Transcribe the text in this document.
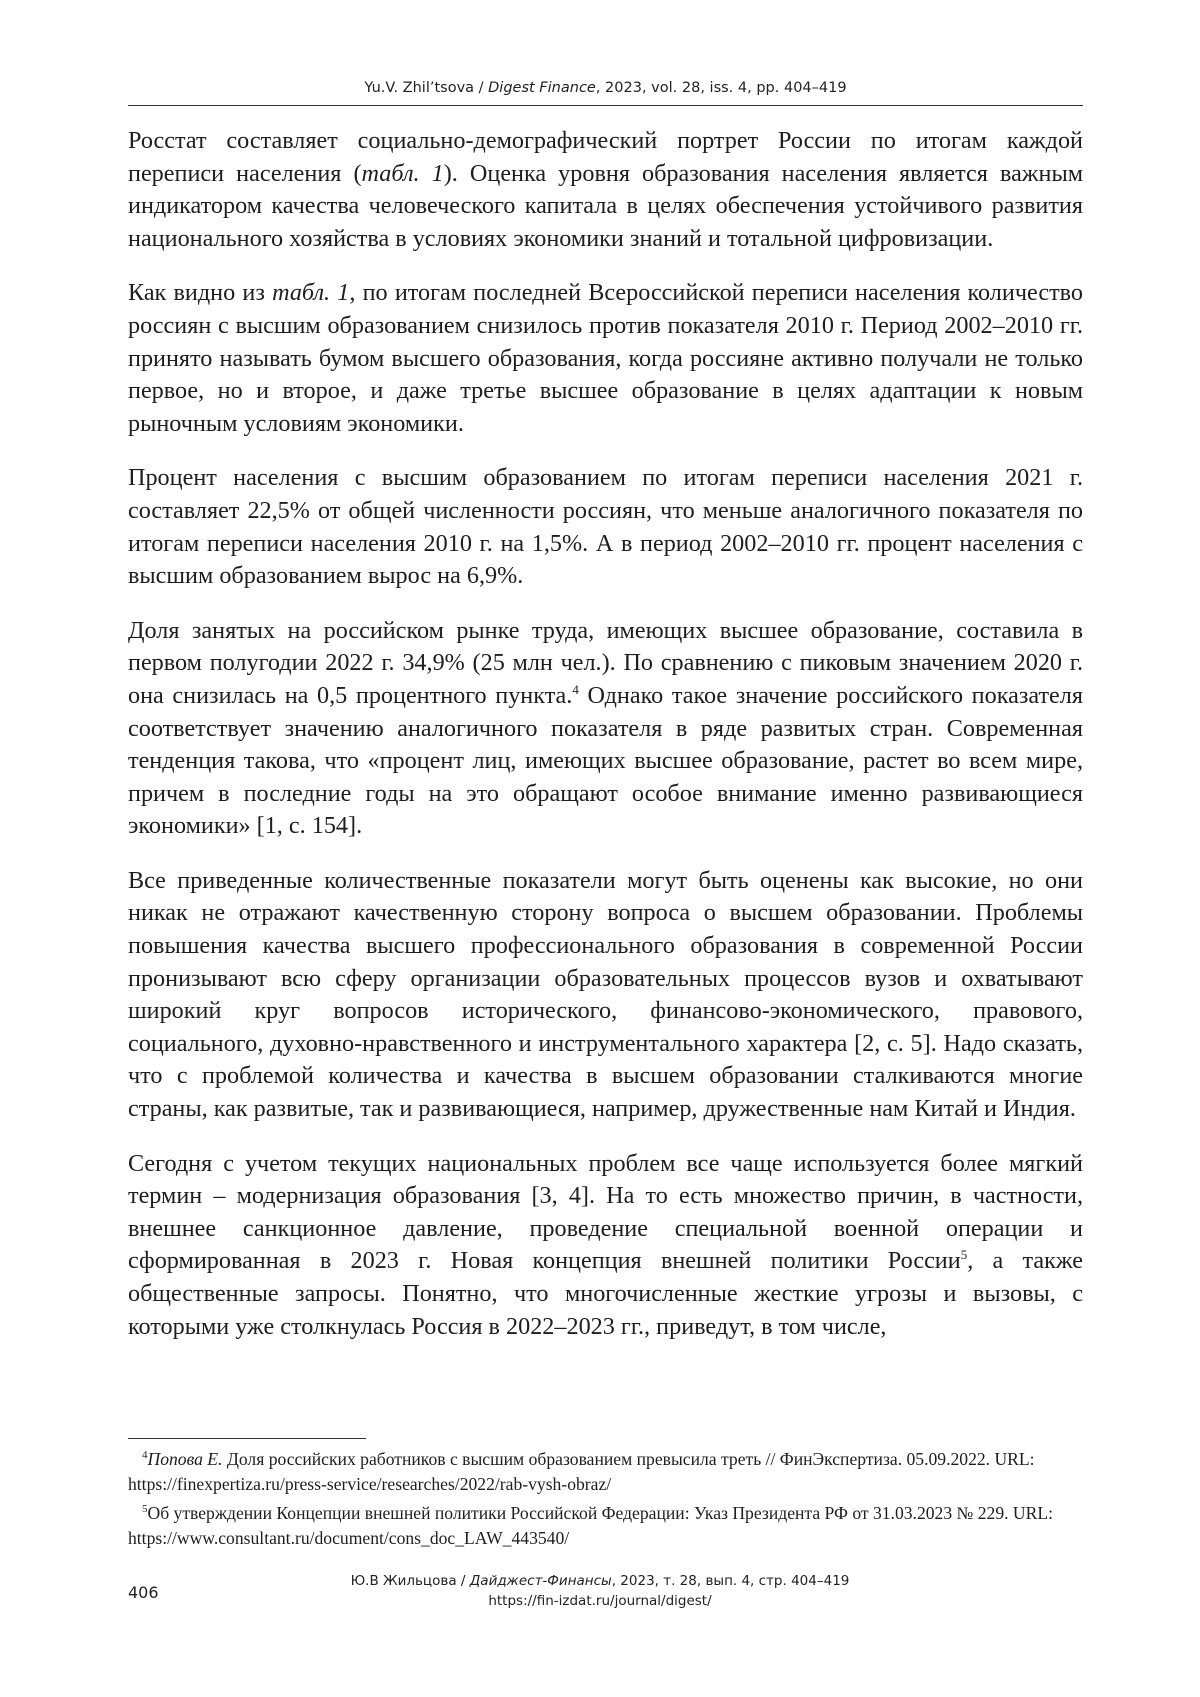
Yu.V. Zhil’tsova / Digest Finance, 2023, vol. 28, iss. 4, pp. 404–419

Росстат составляет социально-демографический портрет России по итогам каждой переписи населения (табл. 1). Оценка уровня образования населения является важным индикатором качества человеческого капитала в целях обеспечения устойчивого развития национального хозяйства в условиях экономики знаний и тотальной цифровизации.

Как видно из табл. 1, по итогам последней Всероссийской переписи населения количество россиян с высшим образованием снизилось против показателя 2010 г. Период 2002–2010 гг. принято называть бумом высшего образования, когда россияне активно получали не только первое, но и второе, и даже третье высшее образование в целях адаптации к новым рыночным условиям экономики.

Процент населения с высшим образованием по итогам переписи населения 2021 г. составляет 22,5% от общей численности россиян, что меньше аналогичного показателя по итогам переписи населения 2010 г. на 1,5%. А в период 2002–2010 гг. процент населения с высшим образованием вырос на 6,9%.

Доля занятых на российском рынке труда, имеющих высшее образование, составила в первом полугодии 2022 г. 34,9% (25 млн чел.). По сравнению с пиковым значением 2020 г. она снизилась на 0,5 процентного пункта.$^4$ Однако такое значение российского показателя соответствует значению аналогичного показателя в ряде развитых стран. Современная тенденция такова, что «процент лиц, имеющих высшее образование, растет во всем мире, причем в последние годы на это обращают особое внимание именно развивающиеся экономики» [1, с. 154].

Все приведенные количественные показатели могут быть оценены как высокие, но они никак не отражают качественную сторону вопроса о высшем образовании. Проблемы повышения качества высшего профессионального образования в современной России пронизывают всю сферу организации образовательных процессов вузов и охватывают широкий круг вопросов исторического, финансово-экономического, правового, социального, духовно-нравственного и инструментального характера [2, с. 5]. Надо сказать, что с проблемой количества и качества в высшем образовании сталкиваются многие страны, как развитые, так и развивающиеся, например, дружественные нам Китай и Индия.

Сегодня с учетом текущих национальных проблем все чаще используется более мягкий термин – модернизация образования [3, 4]. На то есть множество причин, в частности, внешнее санкционное давление, проведение специальной военной операции и сформированная в 2023 г. Новая концепция внешней политики России$^5$, а также общественные запросы. Понятно, что многочисленные жесткие угрозы и вызовы, с которыми уже столкнулась Россия в 2022–2023 гг., приведут, в том числе,

$^4$Попова Е. Доля российских работников с высшим образованием превысила треть // ФинЭкспертиза. 05.09.2022. URL: https://finexpertiza.ru/press-service/researches/2022/rab-vysh-obraz/

$^5$Об утверждении Концепции внешней политики Российской Федерации: Указ Президента РФ от 31.03.2023 № 229. URL: https://www.consultant.ru/document/cons_doc_LAW_443540/

406
Ю.В Жильцова / Дайджест-Финансы, 2023, т. 28, вып. 4, стр. 404–419
https://fin-izdat.ru/journal/digest/
